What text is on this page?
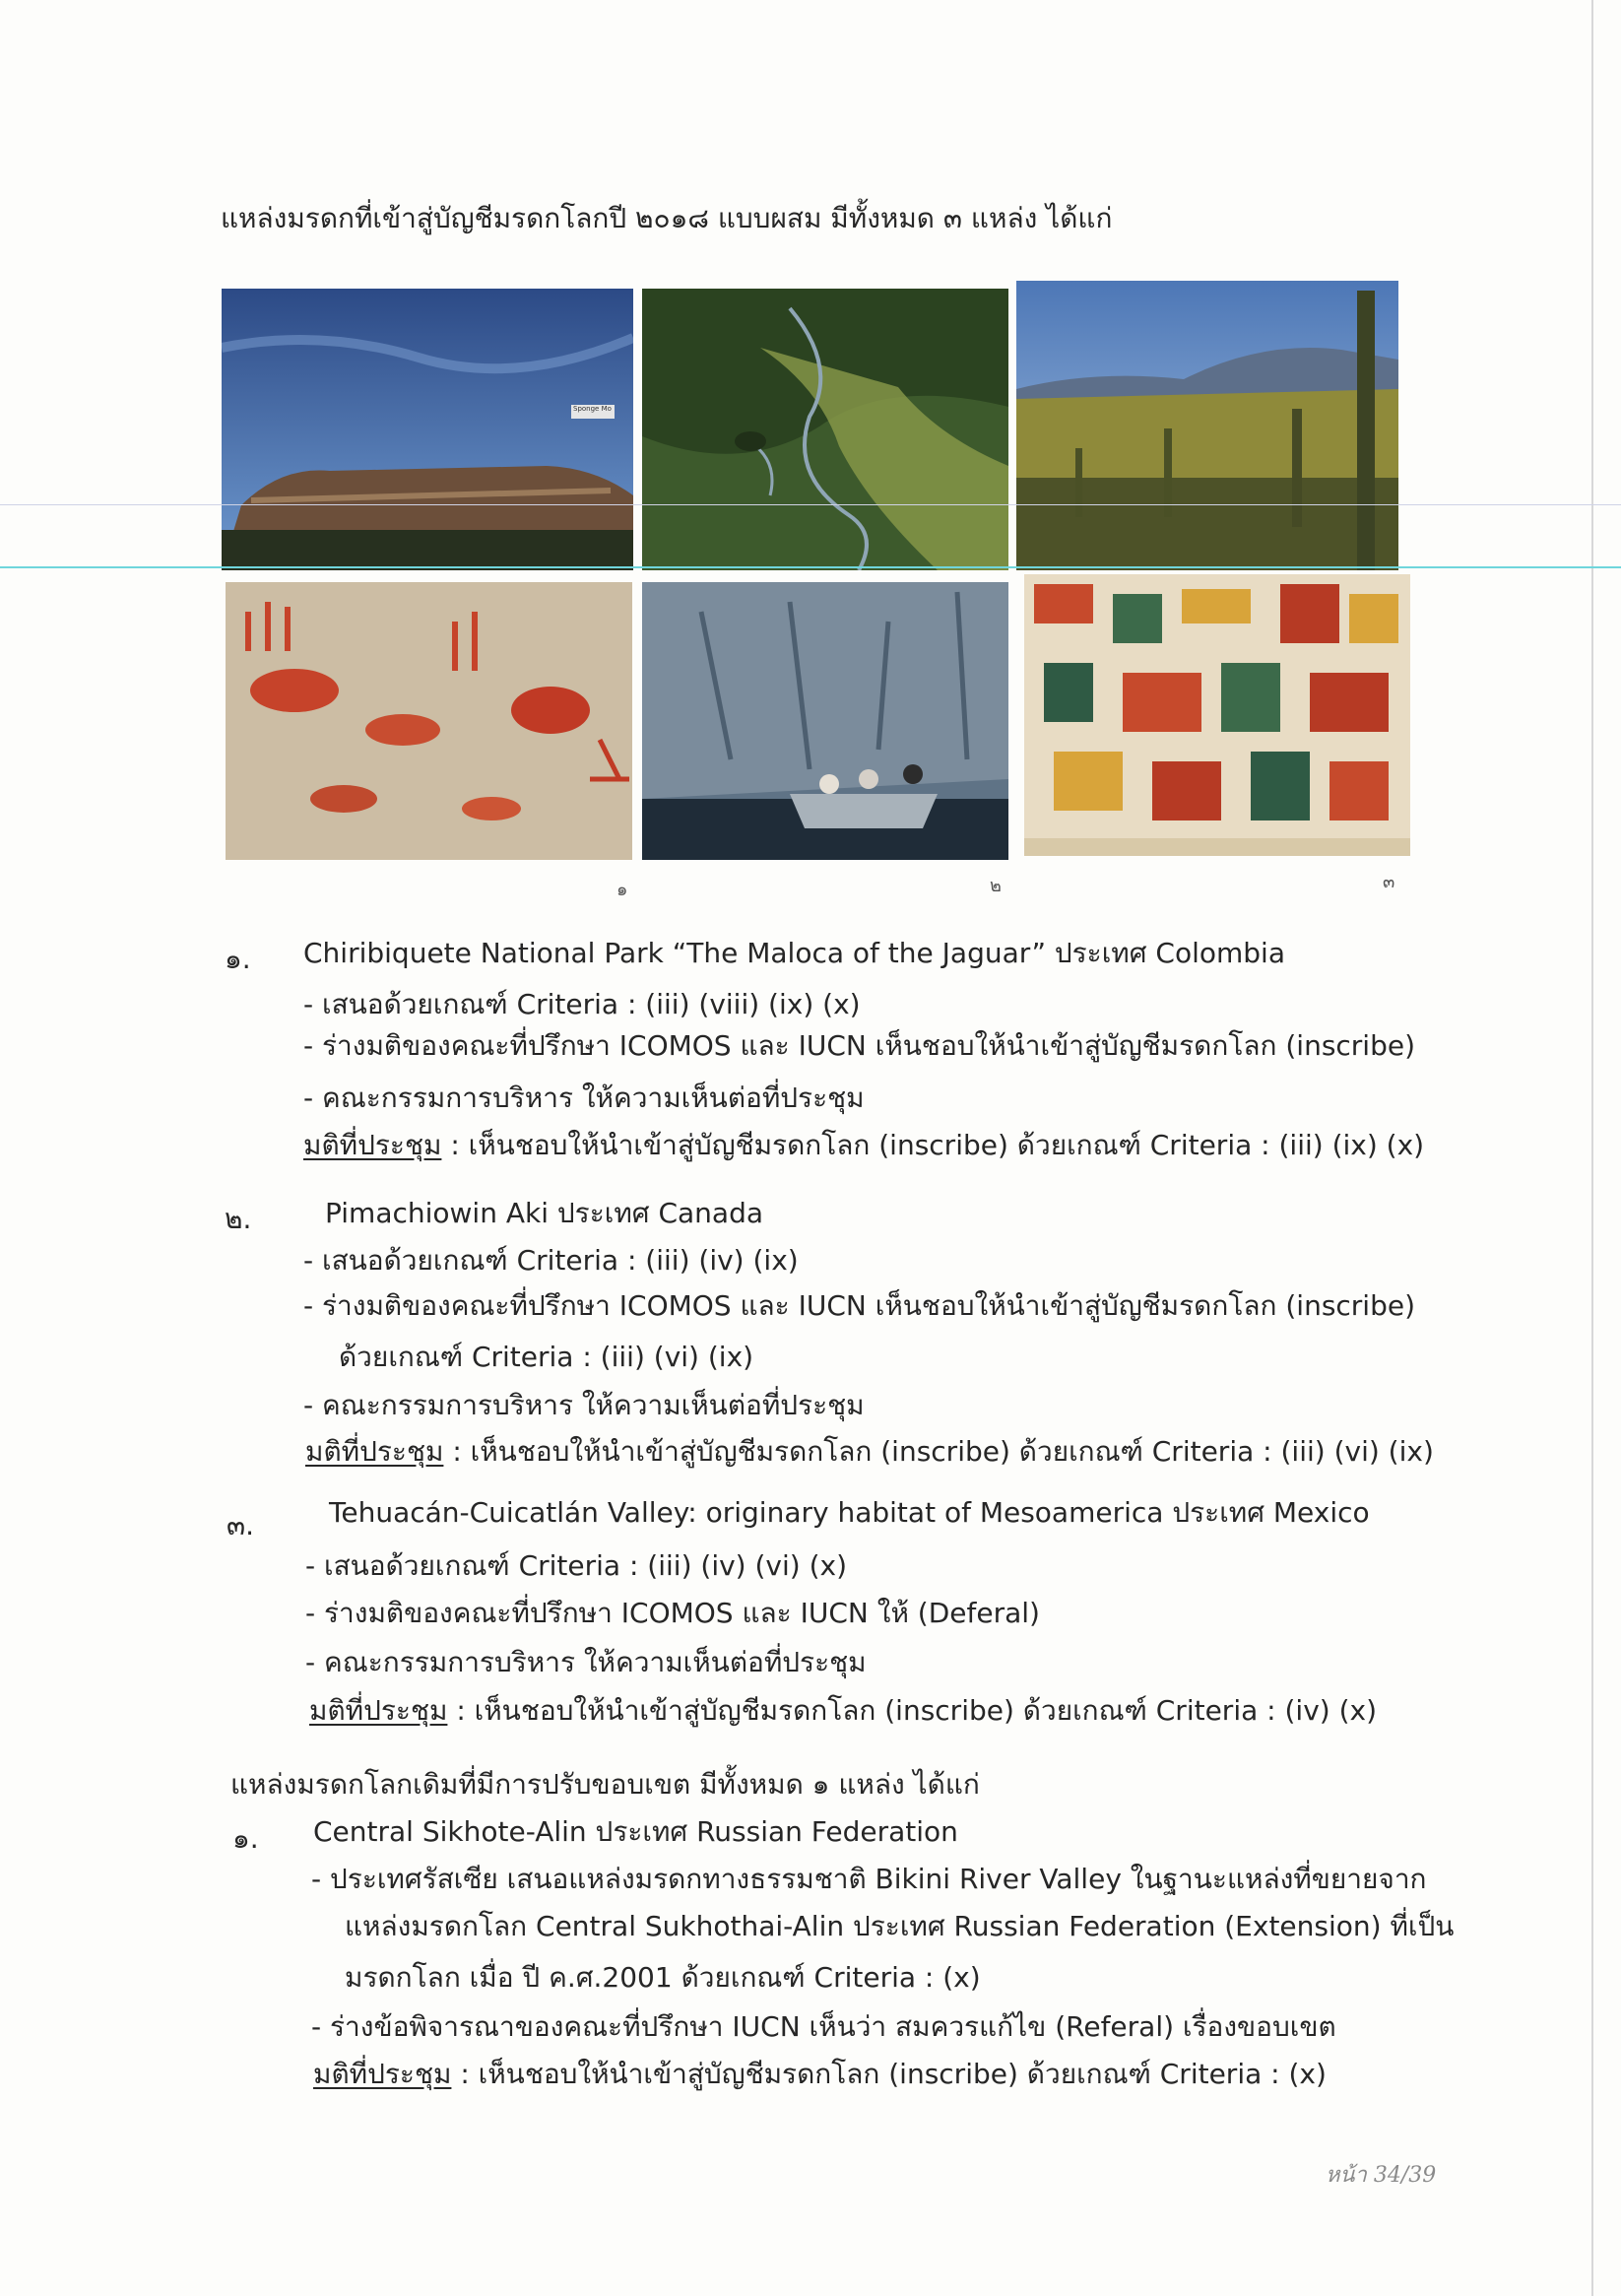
แหล่งมรดกที่เข้าสู่บัญชีมรดกโลกปี ๒๐๑๘ แบบผสม มีทั้งหมด ๓ แหล่ง ได้แก่
Sponge Mo
๑	๒	๓
๑. Chiribiquete National Park “The Maloca of the Jaguar” ประเทศ Colombia
- เสนอด้วยเกณฑ์ Criteria : (iii) (viii) (ix) (x)
- ร่างมติของคณะที่ปรึกษา ICOMOS และ IUCN เห็นชอบให้นำเข้าสู่บัญชีมรดกโลก (inscribe)
- คณะกรรมการบริหาร ให้ความเห็นต่อที่ประชุม
มติที่ประชุม : เห็นชอบให้นำเข้าสู่บัญชีมรดกโลก (inscribe) ด้วยเกณฑ์ Criteria : (iii) (ix) (x)
๒.	Pimachiowin Aki ประเทศ Canada
- เสนอด้วยเกณฑ์ Criteria : (iii) (iv) (ix)
- ร่างมติของคณะที่ปรึกษา ICOMOS และ IUCN เห็นชอบให้นำเข้าสู่บัญชีมรดกโลก (inscribe)
ด้วยเกณฑ์ Criteria : (iii) (vi) (ix)
- คณะกรรมการบริหาร ให้ความเห็นต่อที่ประชุม
มติที่ประชุม : เห็นชอบให้นำเข้าสู่บัญชีมรดกโลก (inscribe) ด้วยเกณฑ์ Criteria : (iii) (vi) (ix)
๓.	Tehuacán-Cuicatlán Valley: originary habitat of Mesoamerica ประเทศ Mexico
- เสนอด้วยเกณฑ์ Criteria : (iii) (iv) (vi) (x)
- ร่างมติของคณะที่ปรึกษา ICOMOS และ IUCN ให้ (Deferal)
- คณะกรรมการบริหาร ให้ความเห็นต่อที่ประชุม
มติที่ประชุม : เห็นชอบให้นำเข้าสู่บัญชีมรดกโลก (inscribe) ด้วยเกณฑ์ Criteria : (iv) (x)
แหล่งมรดกโลกเดิมที่มีการปรับขอบเขต มีทั้งหมด ๑ แหล่ง ได้แก่
๑. Central Sikhote-Alin ประเทศ Russian Federation
- ประเทศรัสเซีย เสนอแหล่งมรดกทางธรรมชาติ Bikini River Valley ในฐานะแหล่งที่ขยายจาก
แหล่งมรดกโลก Central Sukhothai-Alin ประเทศ Russian Federation (Extension) ที่เป็น
มรดกโลก เมื่อ ปี ค.ศ.2001 ด้วยเกณฑ์ Criteria : (x)
- ร่างข้อพิจารณาของคณะที่ปรึกษา IUCN เห็นว่า สมควรแก้ไข (Referal) เรื่องขอบเขต
มติที่ประชุม : เห็นชอบให้นำเข้าสู่บัญชีมรดกโลก (inscribe) ด้วยเกณฑ์ Criteria : (x)
หน้า 34/39
